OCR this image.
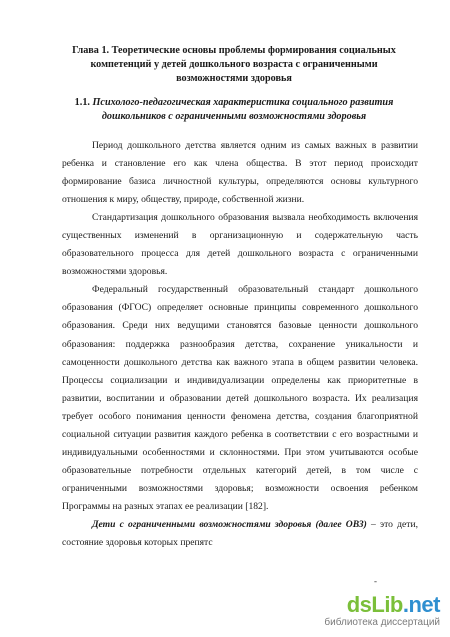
Глава 1. Теоретические основы проблемы формирования социальных компетенций у детей дошкольного возраста с ограниченными возможностями здоровья
1.1. Психолого-педагогическая характеристика социального развития дошкольников с ограниченными возможностями здоровья

Период дошкольного детства является одним из самых важных в развитии ребенка и становление его как члена общества. В этот период происходит формирование базиса личностной культуры, определяются основы культурного отношения к миру, обществу, природе, собственной жизни.

Стандартизация дошкольного образования вызвала необходимость включения существенных изменений в организационную и содержательную часть образовательного процесса для детей дошкольного возраста с ограниченными возможностями здоровья.

Федеральный государственный образовательный стандарт дошкольного образования (ФГОС) определяет основные принципы современного дошкольного образования. Среди них ведущими становятся базовые ценности дошкольного образования: поддержка разнообразия детства, сохранение уникальности и самоценности дошкольного детства как важного этапа в общем развитии человека. Процессы социализации и индивидуализации определены как приоритетные в развитии, воспитании и образовании детей дошкольного возраста. Их реализация требует особого понимания ценности феномена детства, создания благоприятной социальной ситуации развития каждого ребенка в соответствии с его возрастными и индивидуальными особенностями и склонностями. При этом учитываются особые образовательные потребности отдельных категорий детей, в том числе с ограниченными возможностями здоровья; возможности освоения ребенком Программы на разных этапах ее реализации [182].

Дети с ограниченными возможностями здоровья (далее ОВЗ) – это дети, состояние здоровья которых препятс

-
dsLib.net
библиотека диссертаций
